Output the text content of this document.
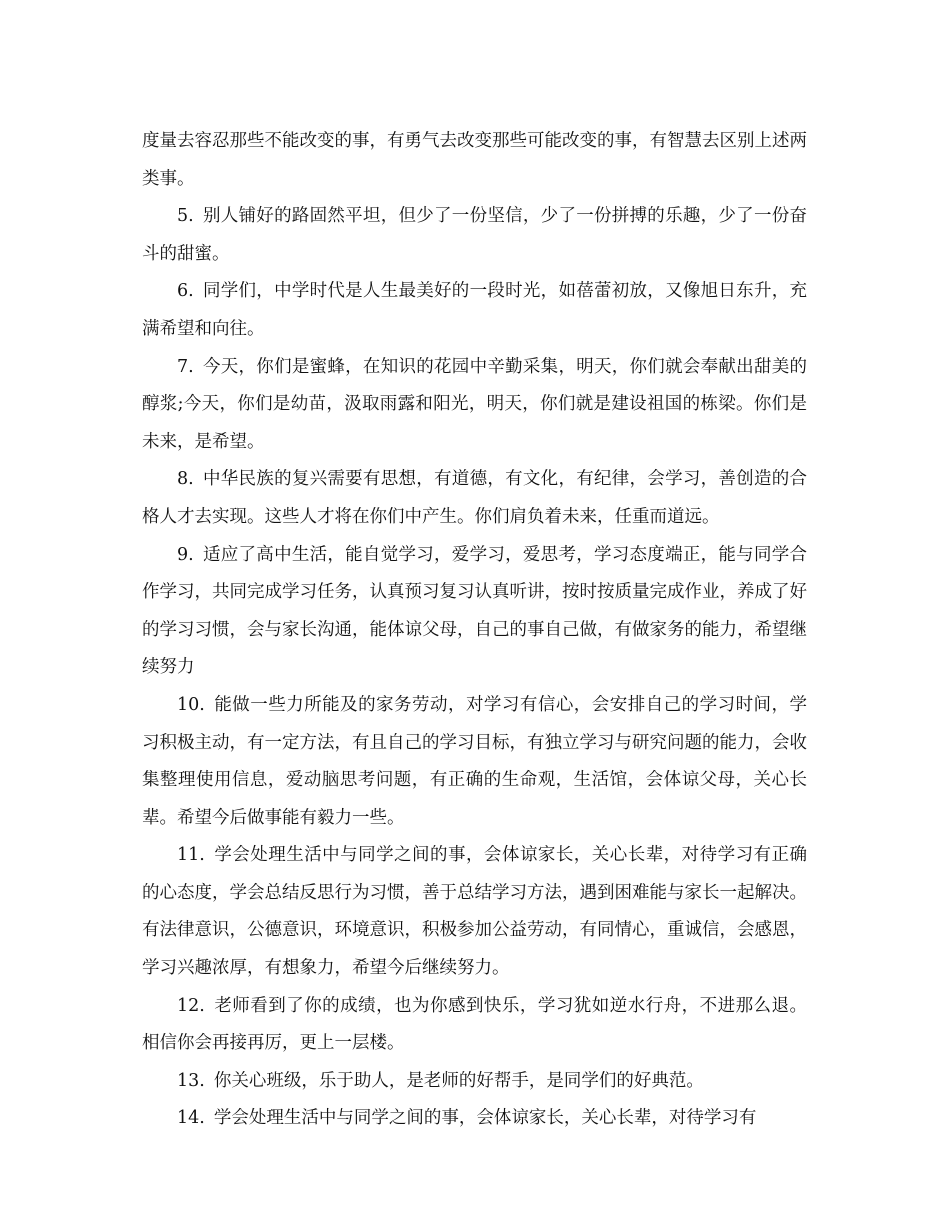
度量去容忍那些不能改变的事，有勇气去改变那些可能改变的事，有智慧去区别上述两类事。

5. 别人铺好的路固然平坦，但少了一份坚信，少了一份拼搏的乐趣，少了一份奋斗的甜蜜。

6. 同学们，中学时代是人生最美好的一段时光，如蓓蕾初放，又像旭日东升，充满希望和向往。

7. 今天，你们是蜜蜂，在知识的花园中辛勤采集，明天，你们就会奉献出甜美的醇浆;今天，你们是幼苗，汲取雨露和阳光，明天，你们就是建设祖国的栋梁。你们是未来，是希望。

8. 中华民族的复兴需要有思想，有道德，有文化，有纪律，会学习，善创造的合格人才去实现。这些人才将在你们中产生。你们肩负着未来，任重而道远。

9. 适应了高中生活，能自觉学习，爱学习，爱思考，学习态度端正，能与同学合作学习，共同完成学习任务，认真预习复习认真听讲，按时按质量完成作业，养成了好的学习习惯，会与家长沟通，能体谅父母，自己的事自己做，有做家务的能力，希望继续努力

10. 能做一些力所能及的家务劳动，对学习有信心，会安排自己的学习时间，学习积极主动，有一定方法，有且自己的学习目标，有独立学习与研究问题的能力，会收集整理使用信息，爱动脑思考问题，有正确的生命观，生活馆，会体谅父母，关心长辈。希望今后做事能有毅力一些。

11. 学会处理生活中与同学之间的事，会体谅家长，关心长辈，对待学习有正确的心态度，学会总结反思行为习惯，善于总结学习方法，遇到困难能与家长一起解决。有法律意识，公德意识，环境意识，积极参加公益劳动，有同情心，重诚信，会感恩，学习兴趣浓厚，有想象力，希望今后继续努力。

12. 老师看到了你的成绩，也为你感到快乐，学习犹如逆水行舟，不进那么退。相信你会再接再厉，更上一层楼。

13. 你关心班级，乐于助人，是老师的好帮手，是同学们的好典范。

14. 学会处理生活中与同学之间的事，会体谅家长，关心长辈，对待学习有
